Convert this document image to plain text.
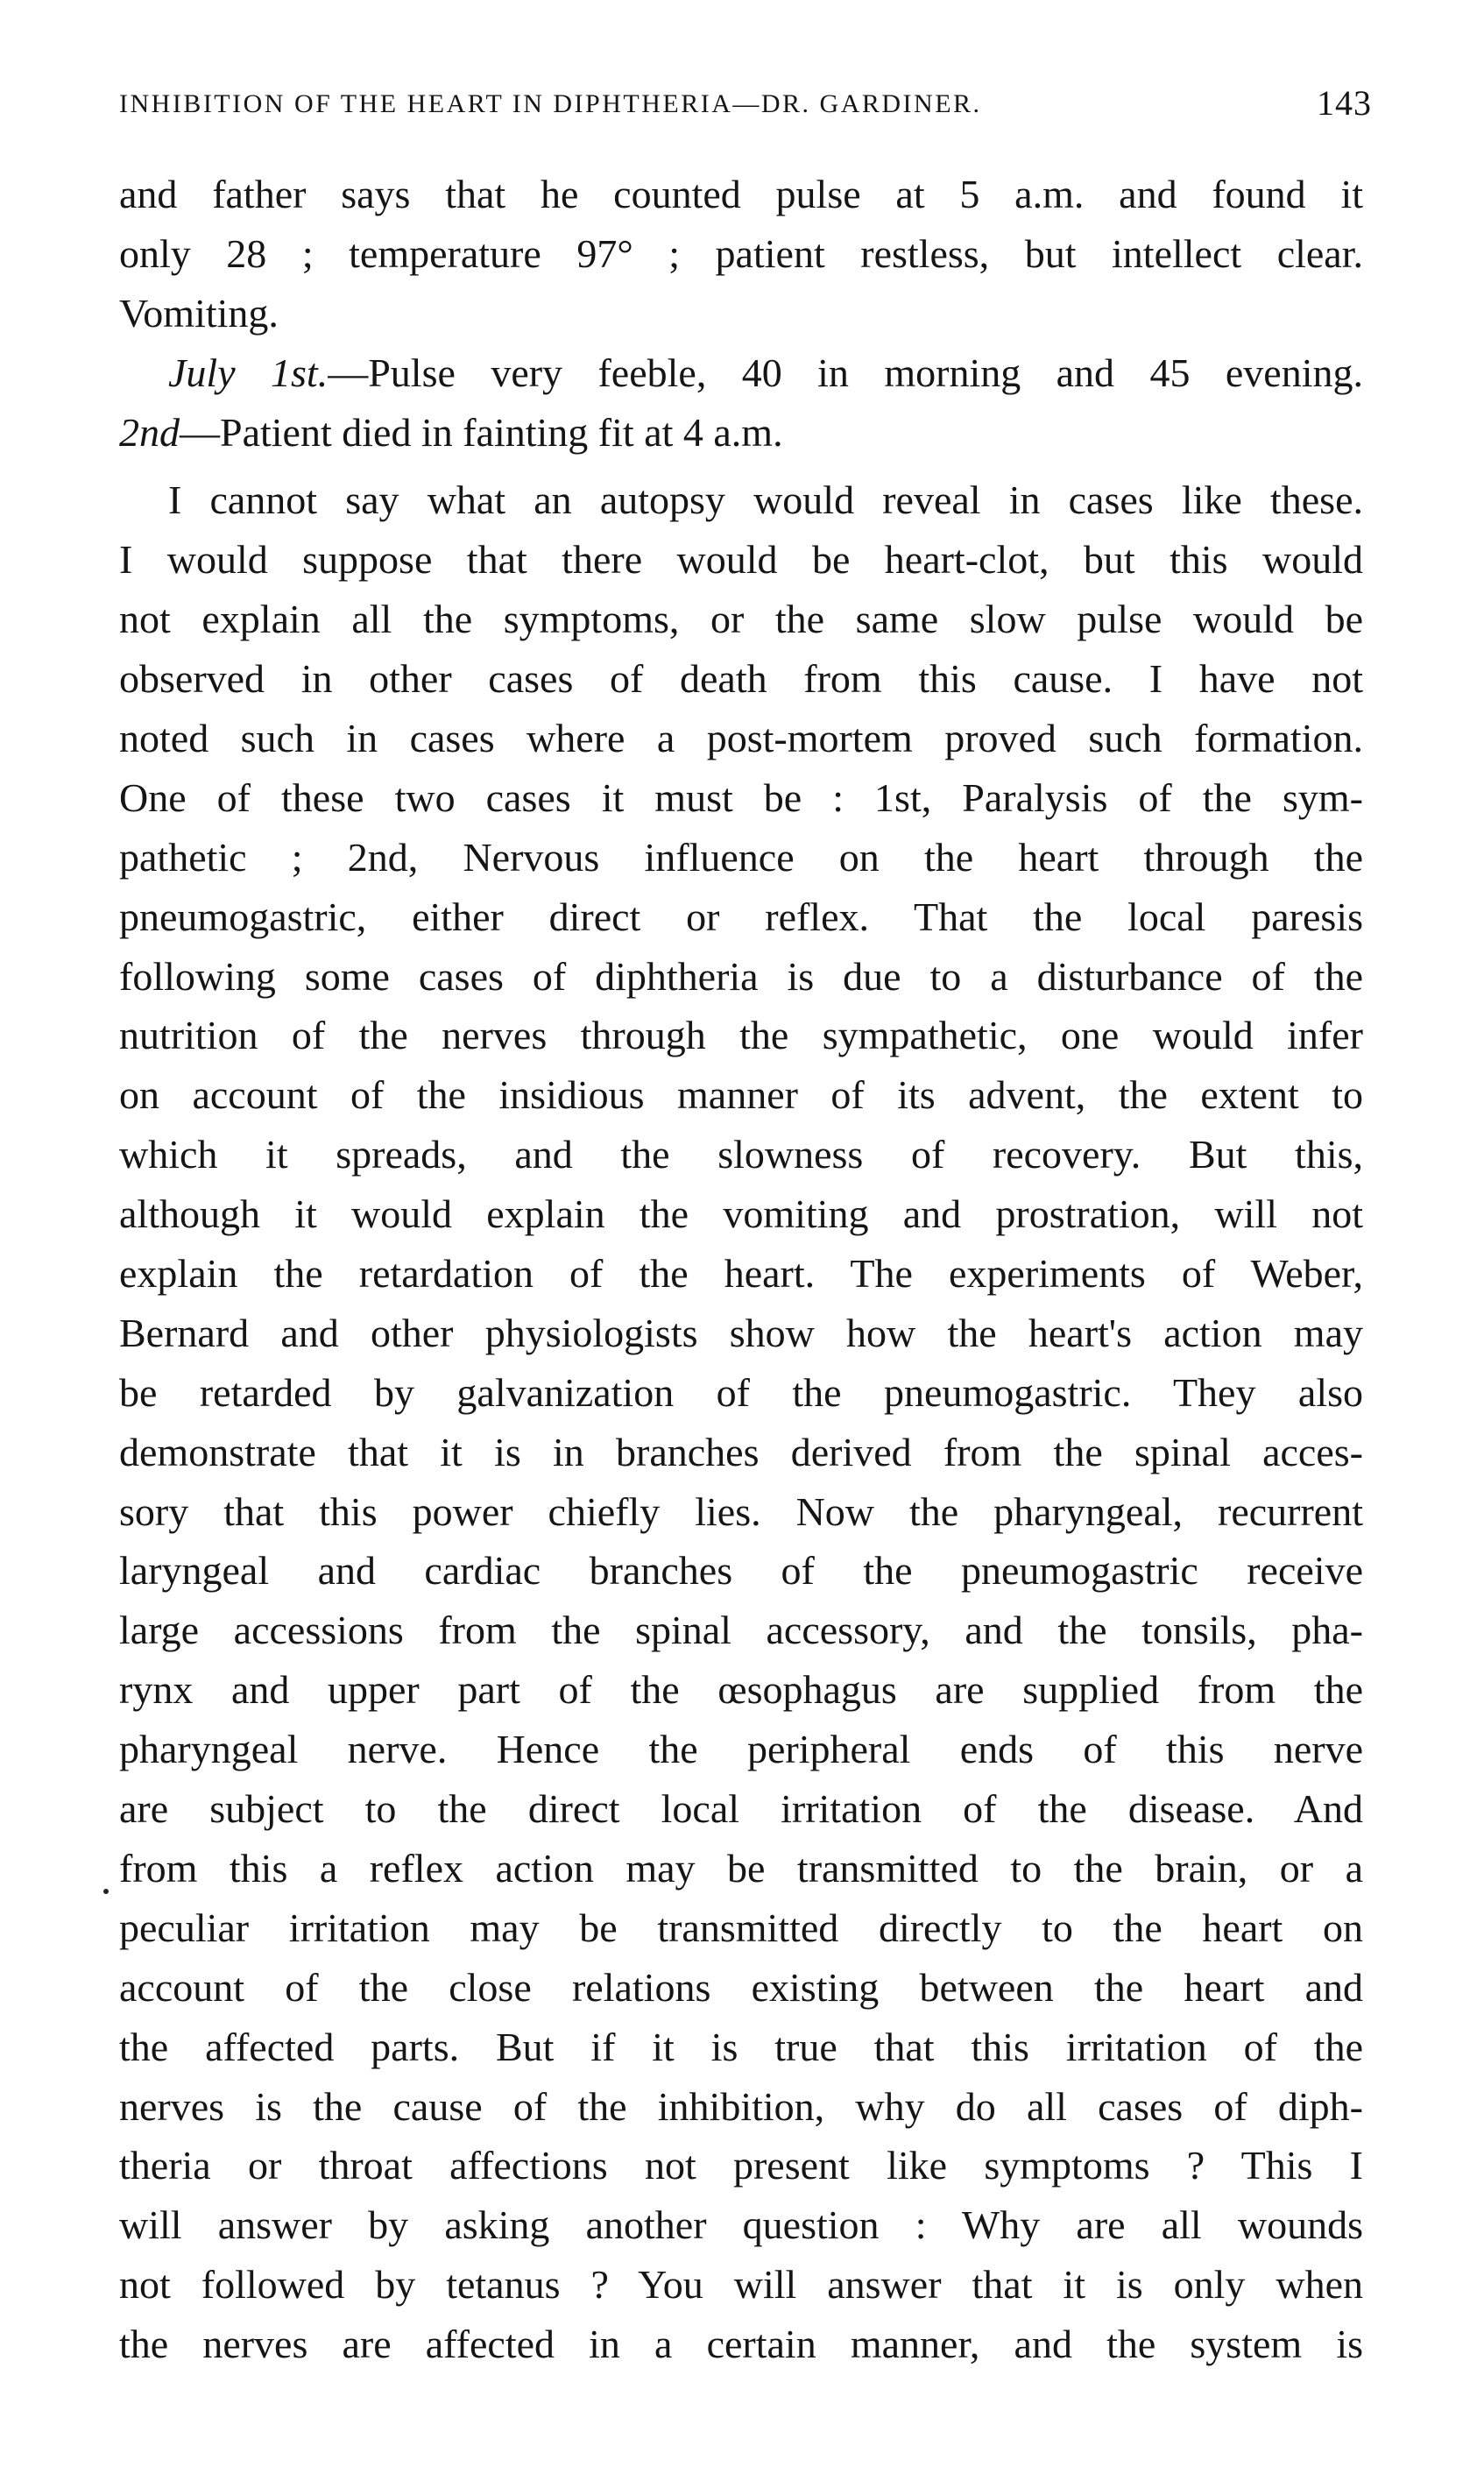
INHIBITION OF THE HEART IN DIPHTHERIA—DR. GARDINER.	143
and father says that he counted pulse at 5 a.m. and found it
only 28 ; temperature 97° ; patient restless, but intellect clear.
Vomiting.
July 1st.—Pulse very feeble, 40 in morning and 45 evening.
2nd—Patient died in fainting fit at 4 a.m.
I cannot say what an autopsy would reveal in cases like these.
I would suppose that there would be heart-clot, but this would
not explain all the symptoms, or the same slow pulse would be
observed in other cases of death from this cause. I have not
noted such in cases where a post-mortem proved such formation.
One of these two cases it must be : 1st, Paralysis of the sym-
pathetic ; 2nd, Nervous influence on the heart through the
pneumogastric, either direct or reflex. That the local paresis
following some cases of diphtheria is due to a disturbance of the
nutrition of the nerves through the sympathetic, one would infer
on account of the insidious manner of its advent, the extent to
which it spreads, and the slowness of recovery. But this,
although it would explain the vomiting and prostration, will not
explain the retardation of the heart. The experiments of Weber,
Bernard and other physiologists show how the heart's action may
be retarded by galvanization of the pneumogastric. They also
demonstrate that it is in branches derived from the spinal acces-
sory that this power chiefly lies. Now the pharyngeal, recurrent
laryngeal and cardiac branches of the pneumogastric receive
large accessions from the spinal accessory, and the tonsils, pha-
rynx and upper part of the œsophagus are supplied from the
pharyngeal nerve. Hence the peripheral ends of this nerve
are subject to the direct local irritation of the disease. And
from this a reflex action may be transmitted to the brain, or a
peculiar irritation may be transmitted directly to the heart on
account of the close relations existing between the heart and
the affected parts. But if it is true that this irritation of the
nerves is the cause of the inhibition, why do all cases of diph-
theria or throat affections not present like symptoms ? This I
will answer by asking another question : Why are all wounds
not followed by tetanus ? You will answer that it is only when
the nerves are affected in a certain manner, and the system is
